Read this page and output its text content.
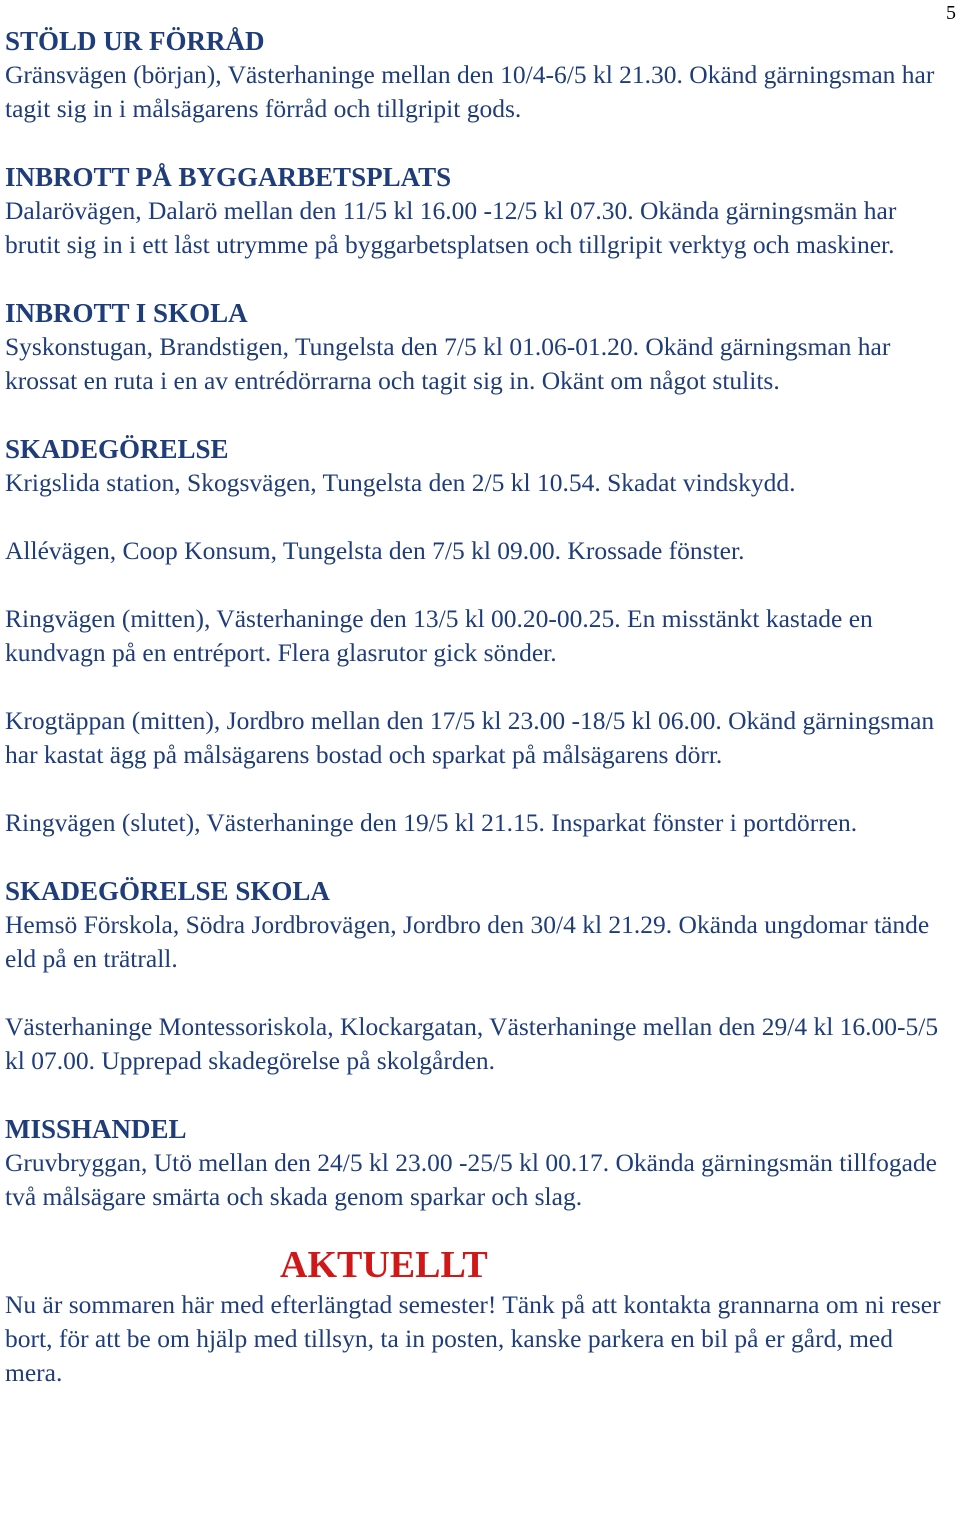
5

STÖLD UR FÖRRÅD

Gränsvägen (början), Västerhaninge mellan den 10/4-6/5 kl 21.30. Okänd gärningsman har tagit sig in i målsägarens förråd och tillgripit gods.

INBROTT PÅ BYGGARBETSPLATS

Dalarövägen, Dalarö mellan den 11/5 kl 16.00 -12/5 kl 07.30. Okända gärningsmän har brutit sig in i ett låst utrymme på byggarbetsplatsen och tillgripit verktyg och maskiner.

INBROTT I SKOLA

Syskonstugan, Brandstigen, Tungelsta den 7/5 kl 01.06-01.20. Okänd gärningsman har krossat en ruta i en av entrédörrarna och tagit sig in. Okänt om något stulits.

SKADEGÖRELSE

Krigslida station, Skogsvägen, Tungelsta den 2/5 kl 10.54. Skadat vindskydd.

Allévägen, Coop Konsum, Tungelsta den 7/5 kl 09.00. Krossade fönster.

Ringvägen (mitten), Västerhaninge den 13/5 kl 00.20-00.25. En misstänkt kastade en kundvagn på en entréport. Flera glasrutor gick sönder.

Krogtäppan (mitten), Jordbro mellan den 17/5 kl 23.00 -18/5 kl 06.00. Okänd gärningsman har kastat ägg på målsägarens bostad och sparkat på målsägarens dörr.

Ringvägen (slutet), Västerhaninge den 19/5 kl 21.15. Insparkat fönster i portdörren.

SKADEGÖRELSE SKOLA

Hemsö Förskola, Södra Jordbrovägen, Jordbro den 30/4 kl 21.29. Okända ungdomar tände eld på en trätrall.

Västerhaninge Montessoriskola, Klockargatan, Västerhaninge mellan den 29/4 kl 16.00-5/5 kl 07.00. Upprepad skadegörelse på skolgården.

MISSHANDEL

Gruvbryggan, Utö mellan den 24/5 kl 23.00 -25/5 kl 00.17. Okända gärningsmän tillfogade två målsägare smärta och skada genom sparkar och slag.

AKTUELLT

Nu är sommaren här med efterlängtad semester! Tänk på att kontakta grannarna om ni reser bort, för att be om hjälp med tillsyn, ta in posten, kanske parkera en bil på er gård, med mera.
